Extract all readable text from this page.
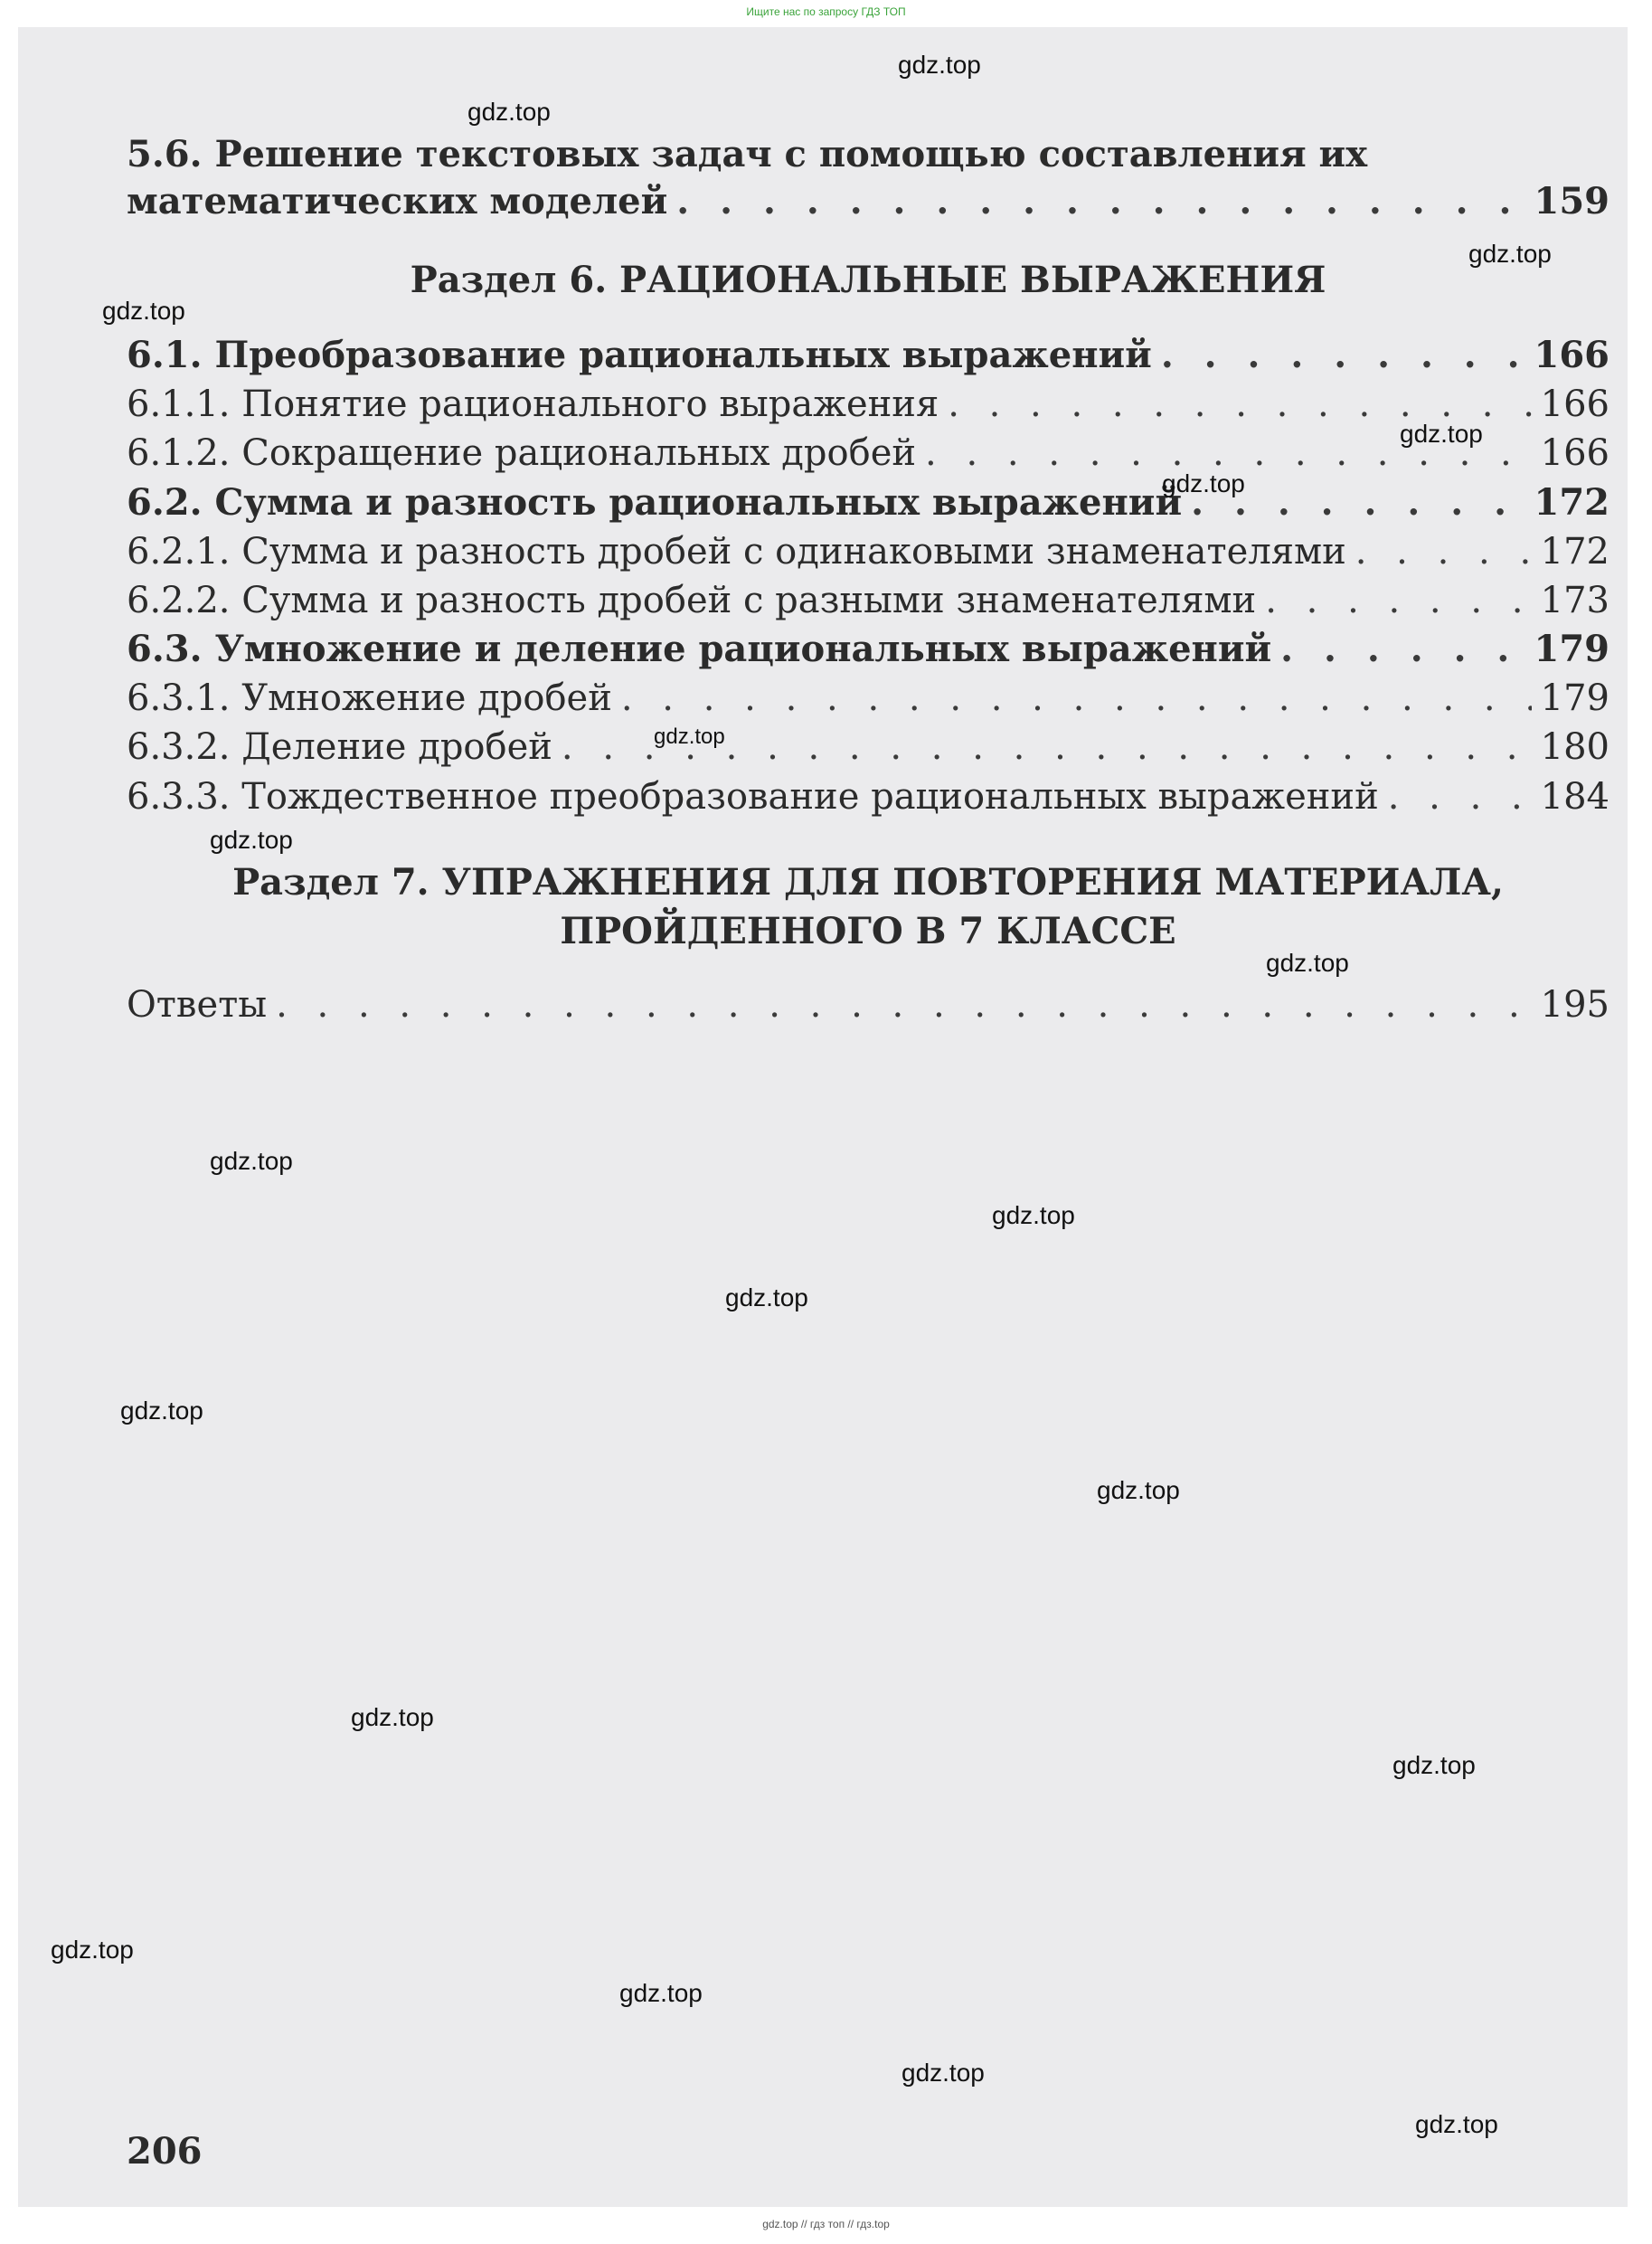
Ищите нас по запросу ГДЗ ТОП
5.6. Решение текстовых задач с помощью составления их
математических моделей . . .	159
Раздел 6. РАЦИОНАЛЬНЫЕ ВЫРАЖЕНИЯ
6.1. Преобразование рациональных выражений . . .	166
6.1.1. Понятие рационального выражения . . .	166
6.1.2. Сокращение рациональных дробей . . .	166
6.2. Сумма и разность рациональных выражений . . .	172
6.2.1. Сумма и разность дробей с одинаковыми знаменателями . . .	172
6.2.2. Сумма и разность дробей с разными знаменателями . . .	173
6.3. Умножение и деление рациональных выражений . . .	179
6.3.1. Умножение дробей . . .	179
6.3.2. Деление дробей . . .	180
6.3.3. Тождественное преобразование рациональных выражений . . .	184
Раздел 7. УПРАЖНЕНИЯ ДЛЯ ПОВТОРЕНИЯ МАТЕРИАЛА,
ПРОЙДЕННОГО В 7 КЛАССЕ
Ответы . . .	195
206
gdz.top
gdz.top
gdz.top
gdz.top
gdz.top
gdz.top
gdz.top
gdz.top
gdz.top
gdz.top
gdz.top
gdz.top
gdz.top
gdz.top
gdz.top
gdz.top
gdz.top
gdz.top
gdz.top
gdz.top
gdz.top // гдз топ // гдз.top
